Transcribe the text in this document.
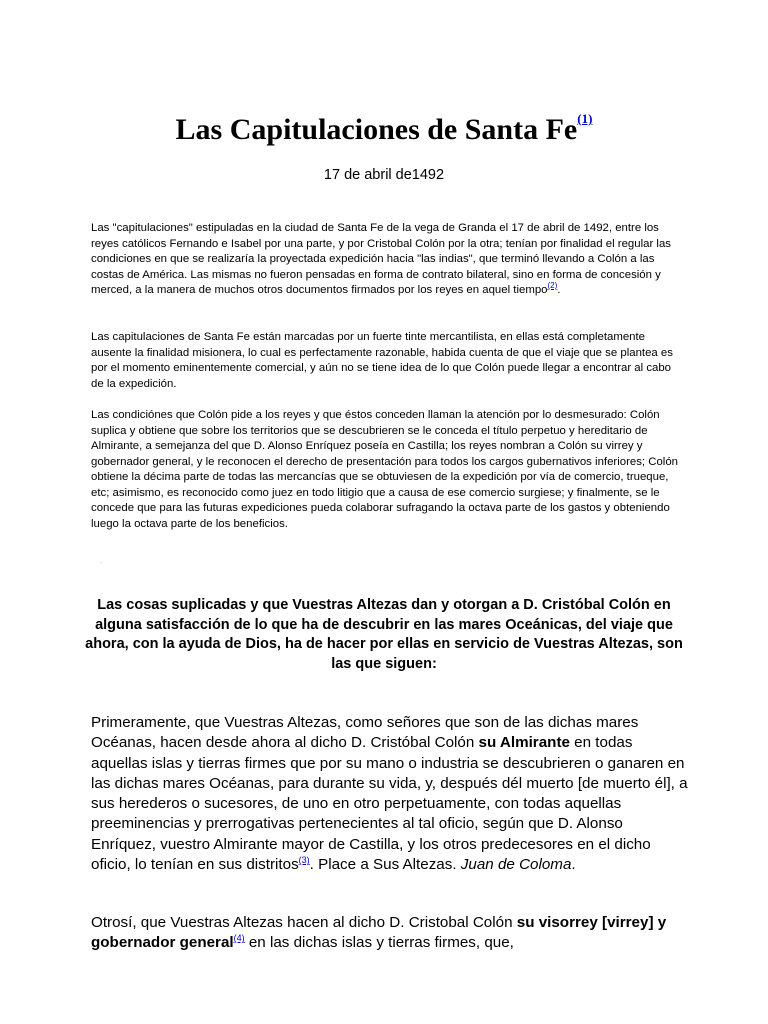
Las Capitulaciones de Santa Fe$^{(1)}$
17 de abril de1492

Las "capitulaciones" estipuladas en la ciudad de Santa Fe de la vega de Granda el 17 de abril de 1492, entre los reyes católicos Fernando e Isabel por una parte, y por Cristobal Colón por la otra; tenían por finalidad el regular las condiciones en que se realizaría la proyectada expedición hacia "las indias", que terminó llevando a Colón a las costas de América. Las mismas no fueron pensadas en forma de contrato bilateral, sino en forma de concesión y merced, a la manera de muchos otros documentos firmados por los reyes en aquel tiempo$^{(2)}$.

Las capitulaciones de Santa Fe están marcadas por un fuerte tinte mercantilista, en ellas está completamente ausente la finalidad misionera, lo cual es perfectamente razonable, habida cuenta de que el viaje que se plantea es por el momento eminentemente comercial, y aún no se tiene idea de lo que Colón puede llegar a encontrar al cabo de la expedición.

Las condiciónes que Colón pide a los reyes y que éstos conceden llaman la atención por lo desmesurado: Colón suplica y obtiene que sobre los territorios que se descubrieren se le conceda el título perpetuo y hereditario de Almirante, a semejanza del que D. Alonso Enríquez poseía en Castilla; los reyes nombran a Colón su virrey y gobernador general, y le reconocen el derecho de presentación para todos los cargos gubernativos inferiores; Colón obtiene la décima parte de todas las mercancías que se obtuviesen de la expedición por vía de comercio, trueque, etc; asimismo, es reconocido como juez en todo litigio que a causa de ese comercio surgiese; y finalmente, se le concede que para las futuras expediciones pueda colaborar sufragando la octava parte de los gastos y obteniendo luego la octava parte de los beneficios.

.

Las cosas suplicadas y que Vuestras Altezas dan y otorgan a D. Cristóbal Colón en alguna satisfacción de lo que ha de descubrir en las mares Oceánicas, del viaje que ahora, con la ayuda de Dios, ha de hacer por ellas en servicio de Vuestras Altezas, son las que siguen:

Primeramente, que Vuestras Altezas, como señores que son de las dichas mares Océanas, hacen desde ahora al dicho D. Cristóbal Colón su Almirante en todas aquellas islas y tierras firmes que por su mano o industria se descubrieren o ganaren en las dichas mares Océanas, para durante su vida, y, después dél muerto [de muerto él], a sus herederos o sucesores, de uno en otro perpetuamente, con todas aquellas preeminencias y prerrogativas pertenecientes al tal oficio, según que D. Alonso Enríquez, vuestro Almirante mayor de Castilla, y los otros predecesores en el dicho oficio, lo tenían en sus distritos$^{(3)}$. Place a Sus Altezas. Juan de Coloma.

Otrosí, que Vuestras Altezas hacen al dicho D. Cristobal Colón su visorrey [virrey] y gobernador general$^{(4)}$ en las dichas islas y tierras firmes, que,
